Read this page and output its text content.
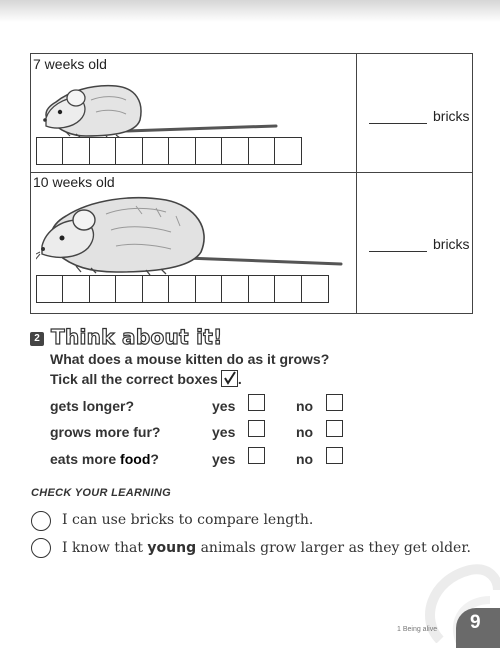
7 weeks old
bricks
10 weeks old
bricks
2 Think about it!
What does a mouse kitten do as it grows?
Tick all the correct boxes .
gets longer?	yes	no
grows more fur?	yes	no
eats more food?	yes	no
CHECK YOUR LEARNING
I can use bricks to compare length.
I know that young animals grow larger as they get older.
1 Being alive 9
